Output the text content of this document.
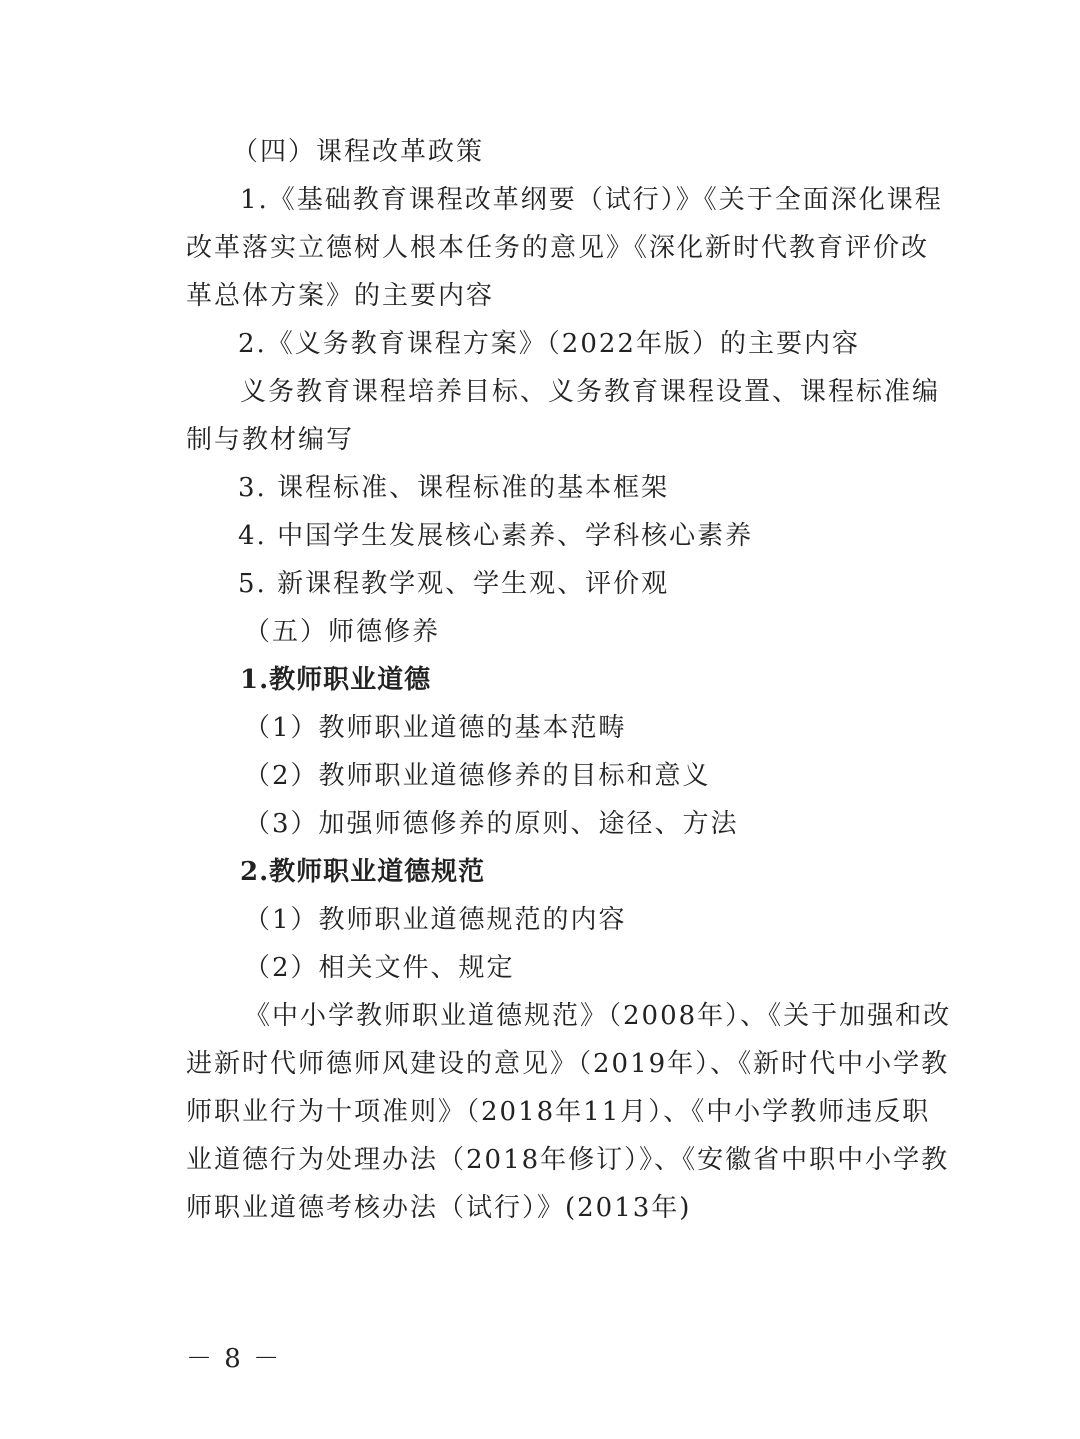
（四）课程改革政策
1.《基础教育课程改革纲要（试行）》《关于全面深化课程
改革落实立德树人根本任务的意见》《深化新时代教育评价改
革总体方案》的主要内容
2.《义务教育课程方案》（2022年版）的主要内容
义务教育课程培养目标、义务教育课程设置、课程标准编
制与教材编写
3. 课程标准、课程标准的基本框架
4. 中国学生发展核心素养、学科核心素养
5. 新课程教学观、学生观、评价观
（五）师德修养
1.教师职业道德
（1）教师职业道德的基本范畴
（2）教师职业道德修养的目标和意义
（3）加强师德修养的原则、途径、方法
2.教师职业道德规范
（1）教师职业道德规范的内容
（2）相关文件、规定
《中小学教师职业道德规范》（2008年）、《关于加强和改
进新时代师德师风建设的意见》（2019年）、《新时代中小学教
师职业行为十项准则》（2018年11月）、《中小学教师违反职
业道德行为处理办法（2018年修订）》、《安徽省中职中小学教
师职业道德考核办法（试行）》(2013年)
－ 8 －
